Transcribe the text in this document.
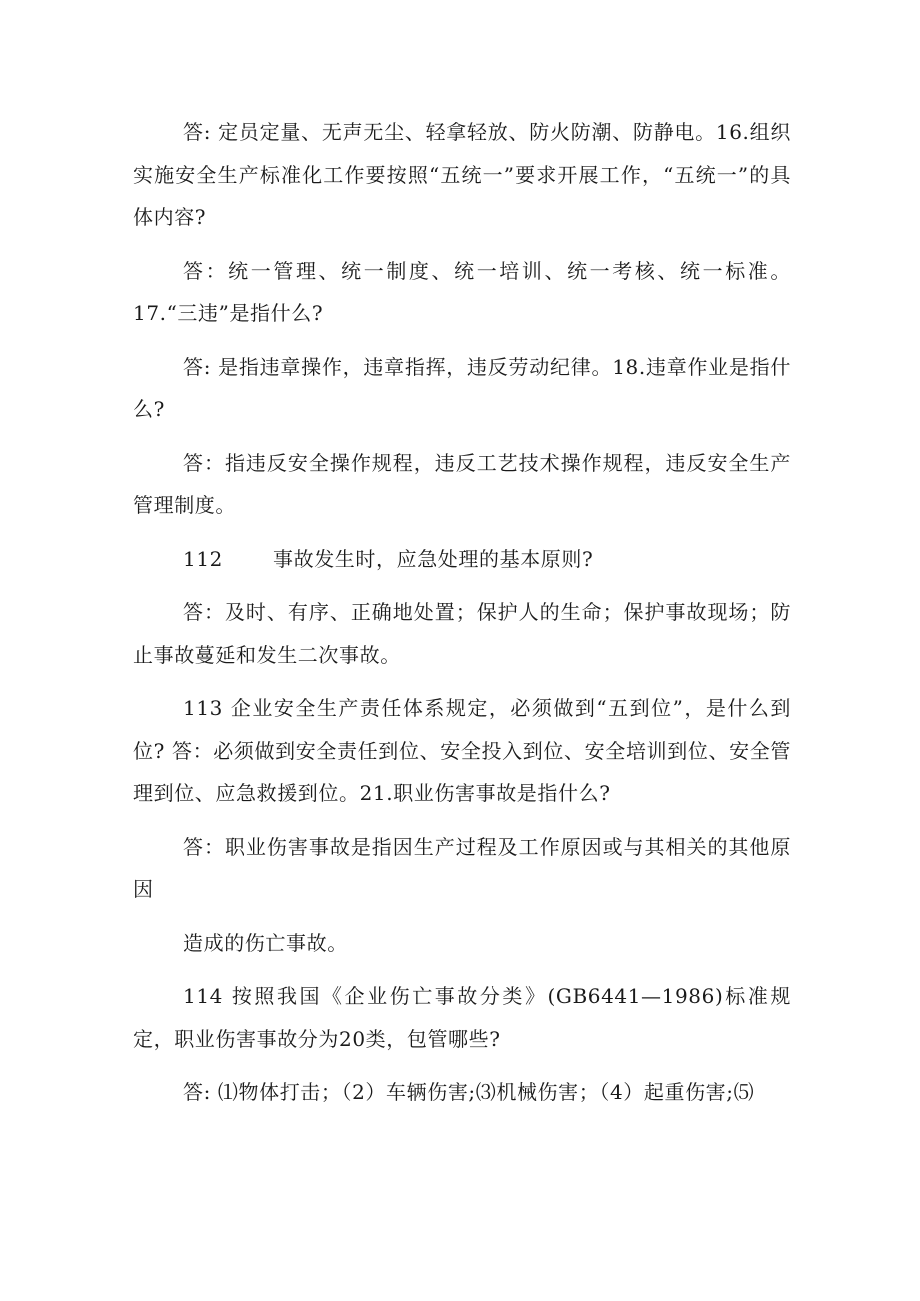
答: 定员定量、无声无尘、轻拿轻放、防火防潮、防静电。16.组织实施安全生产标准化工作要按照“五统一”要求开展工作，“五统一”的具体内容?

答：统一管理、统一制度、统一培训、统一考核、统一标准。17.“三违”是指什么?

答: 是指违章操作，违章指挥，违反劳动纪律。18.违章作业是指什么?

答：指违反安全操作规程，违反工艺技术操作规程，违反安全生产管理制度。

112	事故发生时，应急处理的基本原则?

答：及时、有序、正确地处置；保护人的生命；保护事故现场；防止事故蔓延和发生二次事故。

113 企业安全生产责任体系规定，必须做到“五到位”，是什么到位? 答：必须做到安全责任到位、安全投入到位、安全培训到位、安全管理到位、应急救援到位。21.职业伤害事故是指什么?

答：职业伤害事故是指因生产过程及工作原因或与其相关的其他原因

造成的伤亡事故。

114 按照我国《企业伤亡事故分类》(GB6441—1986)标准规定，职业伤害事故分为20类，包管哪些?

答: ⑴物体打击；（2）车辆伤害;⑶机械伤害；（4）起重伤害;⑸
